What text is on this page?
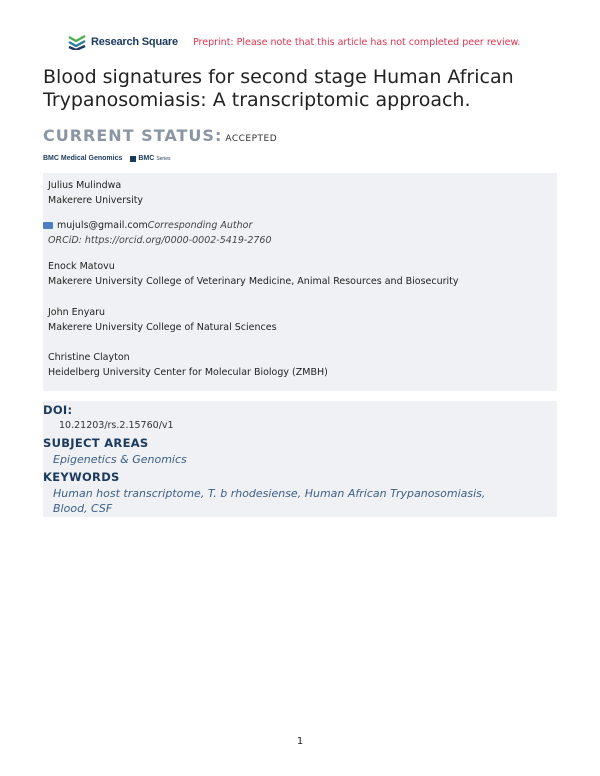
Research Square Preprint: Please note that this article has not completed peer review.
Blood signatures for second stage Human African Trypanosomiasis: A transcriptomic approach.
CURRENT STATUS: ACCEPTED
BMC Medical Genomics BMC Series
Julius Mulindwa
Makerere University
mujuls@gmail.com Corresponding Author
ORCiD: https://orcid.org/0000-0002-5419-2760
Enock Matovu
Makerere University College of Veterinary Medicine, Animal Resources and Biosecurity
John Enyaru
Makerere University College of Natural Sciences
Christine Clayton
Heidelberg University Center for Molecular Biology (ZMBH)
DOI:
10.21203/rs.2.15760/v1
SUBJECT AREAS
Epigenetics & Genomics
KEYWORDS
Human host transcriptome, T. b rhodesiense, Human African Trypanosomiasis,
Blood, CSF
1
